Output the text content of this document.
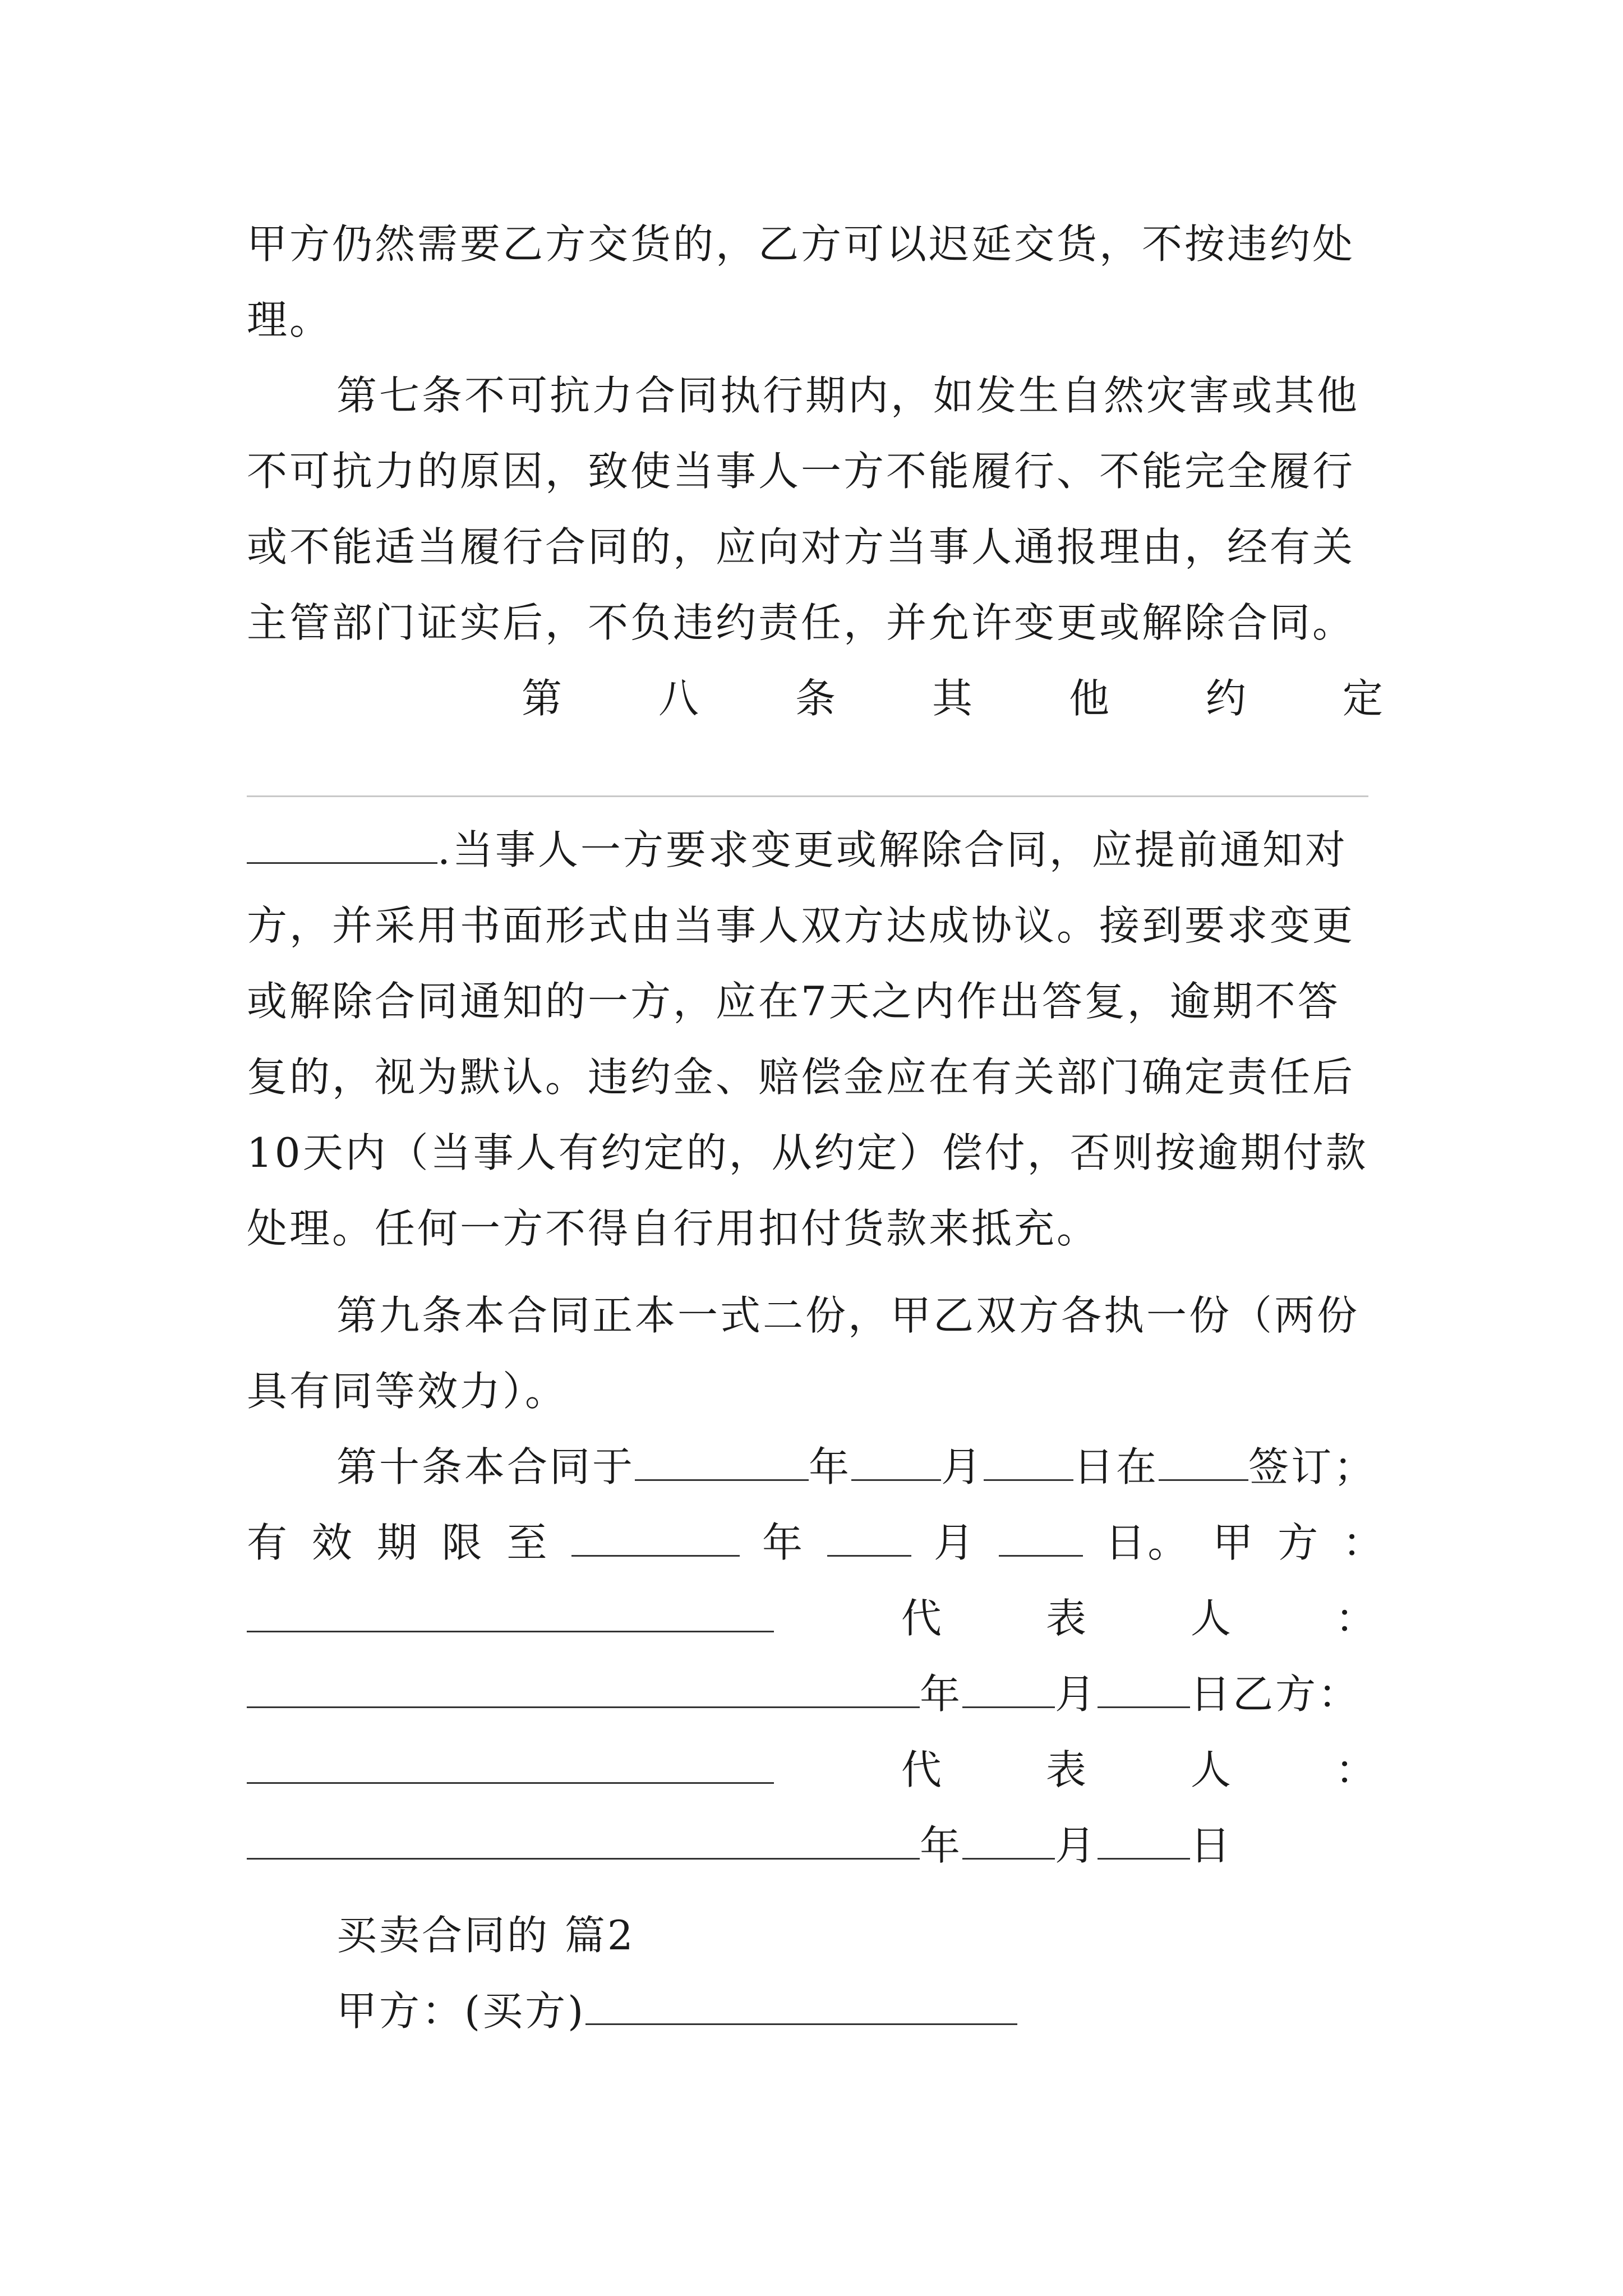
甲方仍然需要乙方交货的，乙方可以迟延交货，不按违约处
理。
第七条不可抗力合同执行期内，如发生自然灾害或其他
不可抗力的原因，致使当事人一方不能履行、不能完全履行
或不能适当履行合同的，应向对方当事人通报理由，经有关
主管部门证实后，不负违约责任，并允许变更或解除合同。
第 八 条 其 他 约 定
.当事人一方要求变更或解除合同，应提前通知对
方，并采用书面形式由当事人双方达成协议。接到要求变更
或解除合同通知的一方，应在7天之内作出答复，逾期不答
复的，视为默认。违约金、赔偿金应在有关部门确定责任后
10天内（当事人有约定的，从约定）偿付，否则按逾期付款
处理。任何一方不得自行用扣付货款来抵充。
第九条本合同正本一式二份，甲乙双方各执一份（两份
具有同等效力）。
第十条本合同于	年 月 日在 签订；
有 效 期 限 至	年	月	日。 甲 方 ：

代	表	人	：
年 月 日乙方：

代	表	人	：
年 月 日
买卖合同的 篇2
甲方：(买方)
